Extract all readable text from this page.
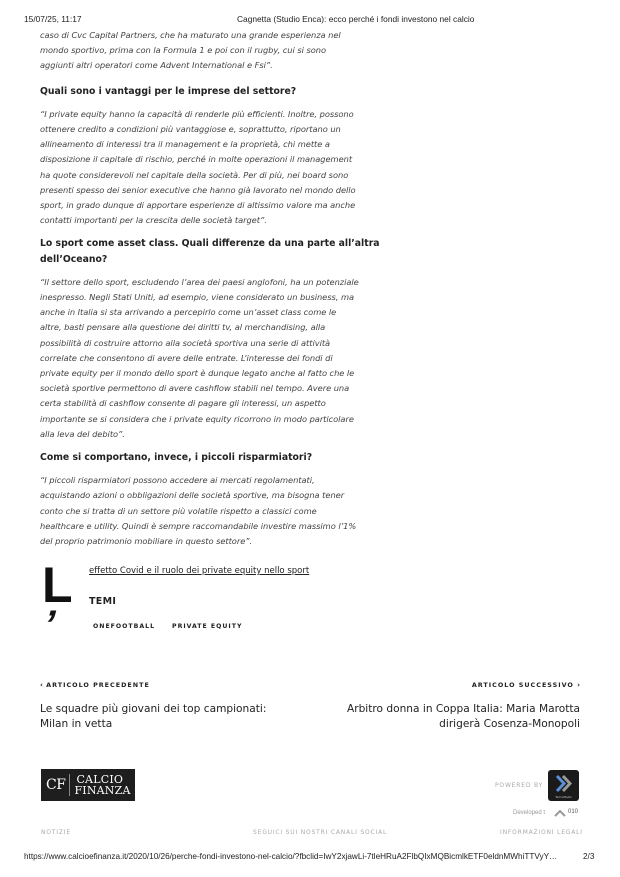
15/07/25, 11:17	Cagnetta (Studio Enca): ecco perché i fondi investono nel calcio

caso di Cvc Capital Partners, che ha maturato una grande esperienza nel
mondo sportivo, prima con la Formula 1 e poi con il rugby, cui si sono
aggiunti altri operatori come Advent International e Fsi”.

Quali sono i vantaggi per le imprese del settore?

“I private equity hanno la capacità di renderle più efficienti. Inoltre, possono
ottenere credito a condizioni più vantaggiose e, soprattutto, riportano un
allineamento di interessi tra il management e la proprietà, chi mette a
disposizione il capitale di rischio, perché in molte operazioni il management
ha quote considerevoli nel capitale della società. Per di più, nei board sono
presenti spesso dei senior executive che hanno già lavorato nel mondo dello
sport, in grado dunque di apportare esperienze di altissimo valore ma anche
contatti importanti per la crescita delle società target”.

Lo sport come asset class. Quali differenze da una parte all’altra
dell’Oceano?

“Il settore dello sport, escludendo l’area dei paesi anglofoni, ha un potenziale
inespresso. Negli Stati Uniti, ad esempio, viene considerato un business, ma
anche in Italia si sta arrivando a percepirlo come un’asset class come le
altre, basti pensare alla questione dei diritti tv, al merchandising, alla
possibilità di costruire attorno alla società sportiva una serie di attività
correlate che consentono di avere delle entrate. L’interesse dei fondi di
private equity per il mondo dello sport è dunque legato anche al fatto che le
società sportive permettono di avere cashflow stabili nel tempo. Avere una
certa stabilità di cashflow consente di pagare gli interessi, un aspetto
importante se si considera che i private equity ricorrono in modo particolare
alla leva del debito”.

Come si comportano, invece, i piccoli risparmiatori?

“I piccoli risparmiatori possono accedere ai mercati regolamentati,
acquistando azioni o obbligazioni delle società sportive, ma bisogna tener
conto che si tratta di un settore più volatile rispetto a classici come
healthcare e utility. Quindi è sempre raccomandabile investire massimo l’1%
del proprio patrimonio mobiliare in questo settore”.

L’
effetto Covid e il ruolo dei private equity nello sport
TEMI
ONEFOOTBALL	PRIVATE EQUITY
‹ ARTICOLO PRECEDENTE
Le squadre più giovani dei top campionati:
Milan in vetta
ARTICOLO SUCCESSIVO ›
Arbitro donna in Coppa Italia: Maria Marotta
dirigerà Cosenza-Monopoli
CF CALCIO
FINANZA	POWERED BY
TechnoMedia
Developed t	010
NOTIZIE	SEGUICI SUI NOSTRI CANALI SOCIAL	INFORMAZIONI LEGALI
https://www.calcioefinanza.it/2020/10/26/perche-fondi-investono-nel-calcio/?fbclid=IwY2xjawLi-7tleHRuA2FlbQIxMQBicmlkETF0eldnMWhiTTVyY…	2/3
